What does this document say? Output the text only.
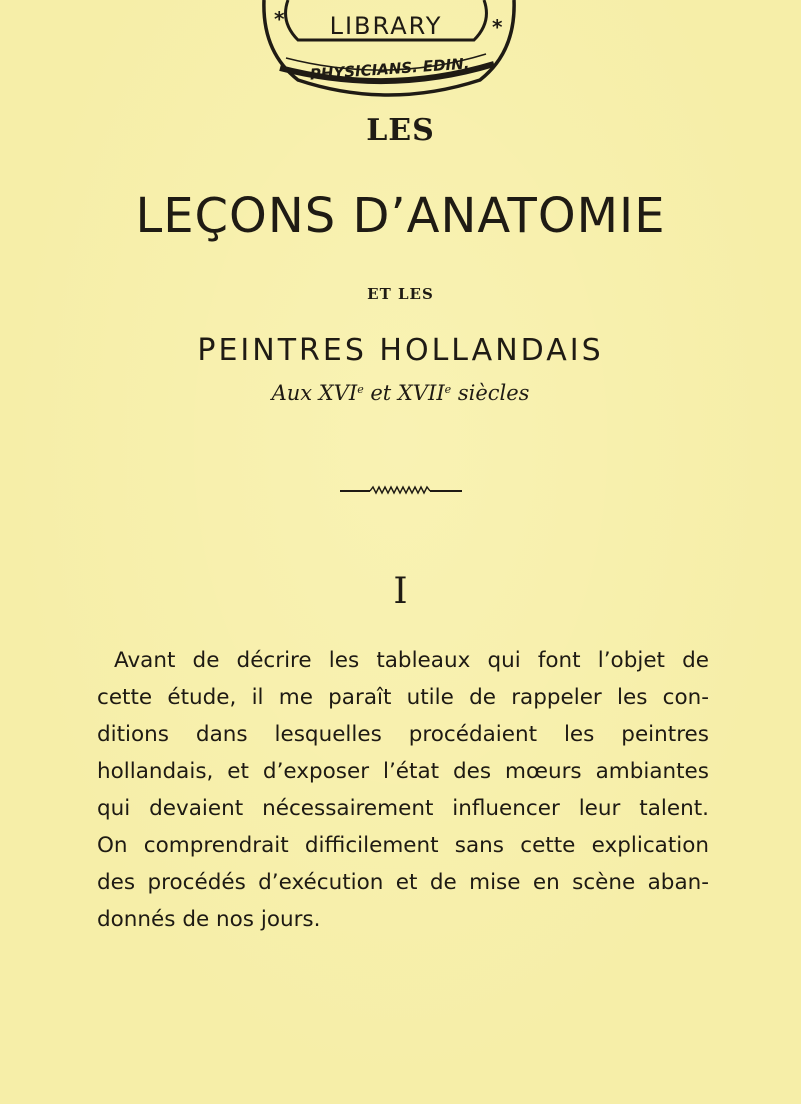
LIBRARY
*	*
PHYSICIANS. EDIN.
LES
LEÇONS D’ANATOMIE
ET LES
PEINTRES HOLLANDAIS
Aux XVIe et XVIIe siècles
I
Avant de décrire les tableaux qui font l’objet de
cette étude, il me paraît utile de rappeler les con-
ditions dans lesquelles procédaient les peintres
hollandais, et d’exposer l’état des mœurs ambiantes
qui devaient nécessairement influencer leur talent.
On comprendrait difficilement sans cette explication
des procédés d’exécution et de mise en scène aban-
donnés de nos jours.
